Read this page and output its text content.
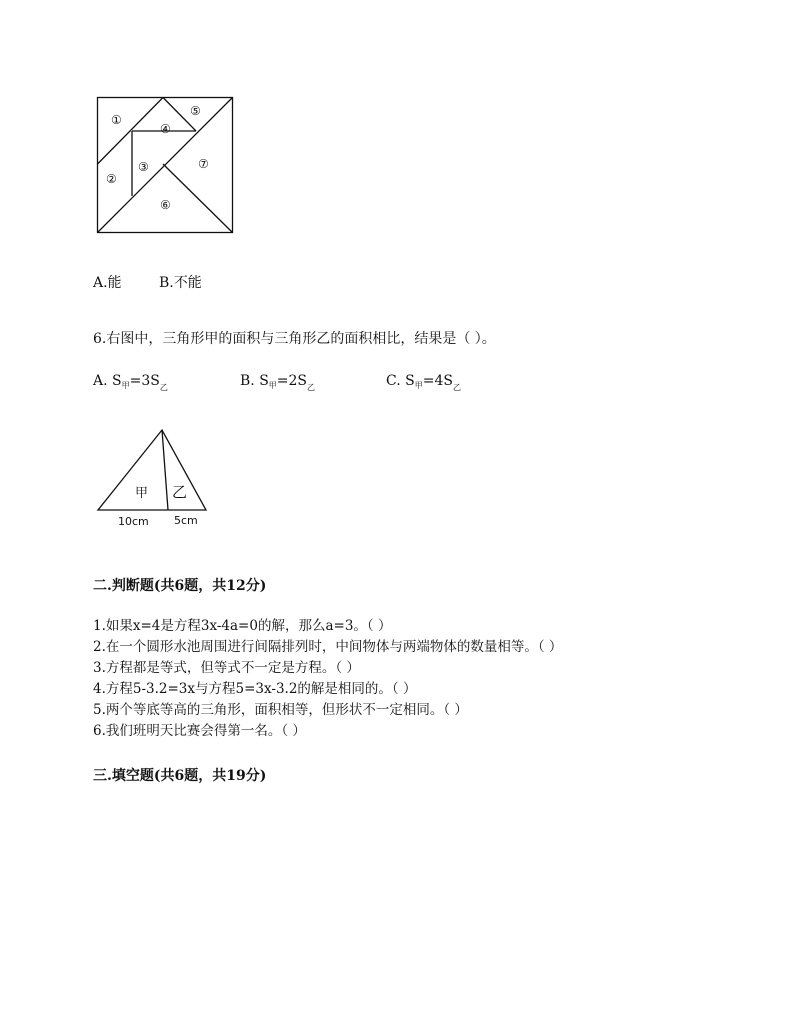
①
②
③
④
⑤
⑥
⑦
A.能	B.不能
6.右图中，三角形甲的面积与三角形乙的面积相比，结果是（ ）。
A. $S_甲=3S_乙$	B. $S_甲=2S_乙$	C. $S_甲=4S_乙$
甲 乙
10cm 5cm
二.判断题(共6题，共12分)
1.如果x=4是方程3x-4a=0的解，那么a=3。（ ）
2.在一个圆形水池周围进行间隔排列时，中间物体与两端物体的数量相等。（ ）
3.方程都是等式，但等式不一定是方程。（ ）
4.方程5-3.2=3x与方程5=3x-3.2的解是相同的。（ ）
5.两个等底等高的三角形，面积相等，但形状不一定相同。（ ）
6.我们班明天比赛会得第一名。（ ）
三.填空题(共6题，共19分)
